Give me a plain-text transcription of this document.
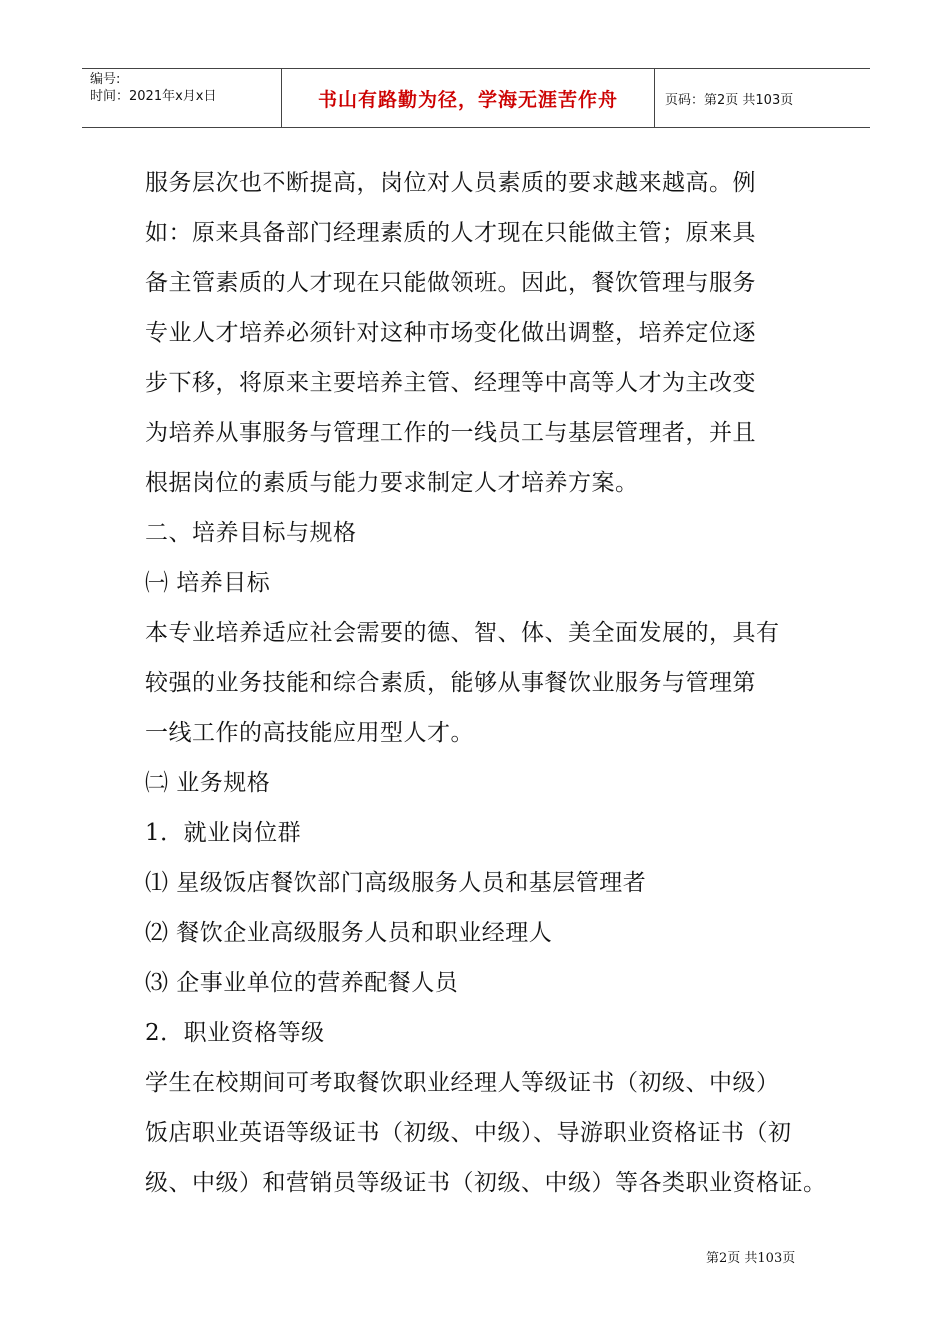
编号:
时间：2021年x月x日	书山有路勤为径，学海无涯苦作舟	页码：第2页 共103页
服务层次也不断提高，岗位对人员素质的要求越来越高。例
如：原来具备部门经理素质的人才现在只能做主管；原来具
备主管素质的人才现在只能做领班。因此，餐饮管理与服务
专业人才培养必须针对这种市场变化做出调整，培养定位逐
步下移，将原来主要培养主管、经理等中高等人才为主改变
为培养从事服务与管理工作的一线员工与基层管理者，并且
根据岗位的素质与能力要求制定人才培养方案。
二、培养目标与规格
㈠ 培养目标
本专业培养适应社会需要的德、智、体、美全面发展的，具有
较强的业务技能和综合素质，能够从事餐饮业服务与管理第
一线工作的高技能应用型人才。
㈡ 业务规格
1．就业岗位群
⑴ 星级饭店餐饮部门高级服务人员和基层管理者
⑵ 餐饮企业高级服务人员和职业经理人
⑶ 企事业单位的营养配餐人员
2．职业资格等级
学生在校期间可考取餐饮职业经理人等级证书（初级、中级）
饭店职业英语等级证书（初级、中级）、导游职业资格证书（初
级、中级）和营销员等级证书（初级、中级）等各类职业资格证。
第2页 共103页
